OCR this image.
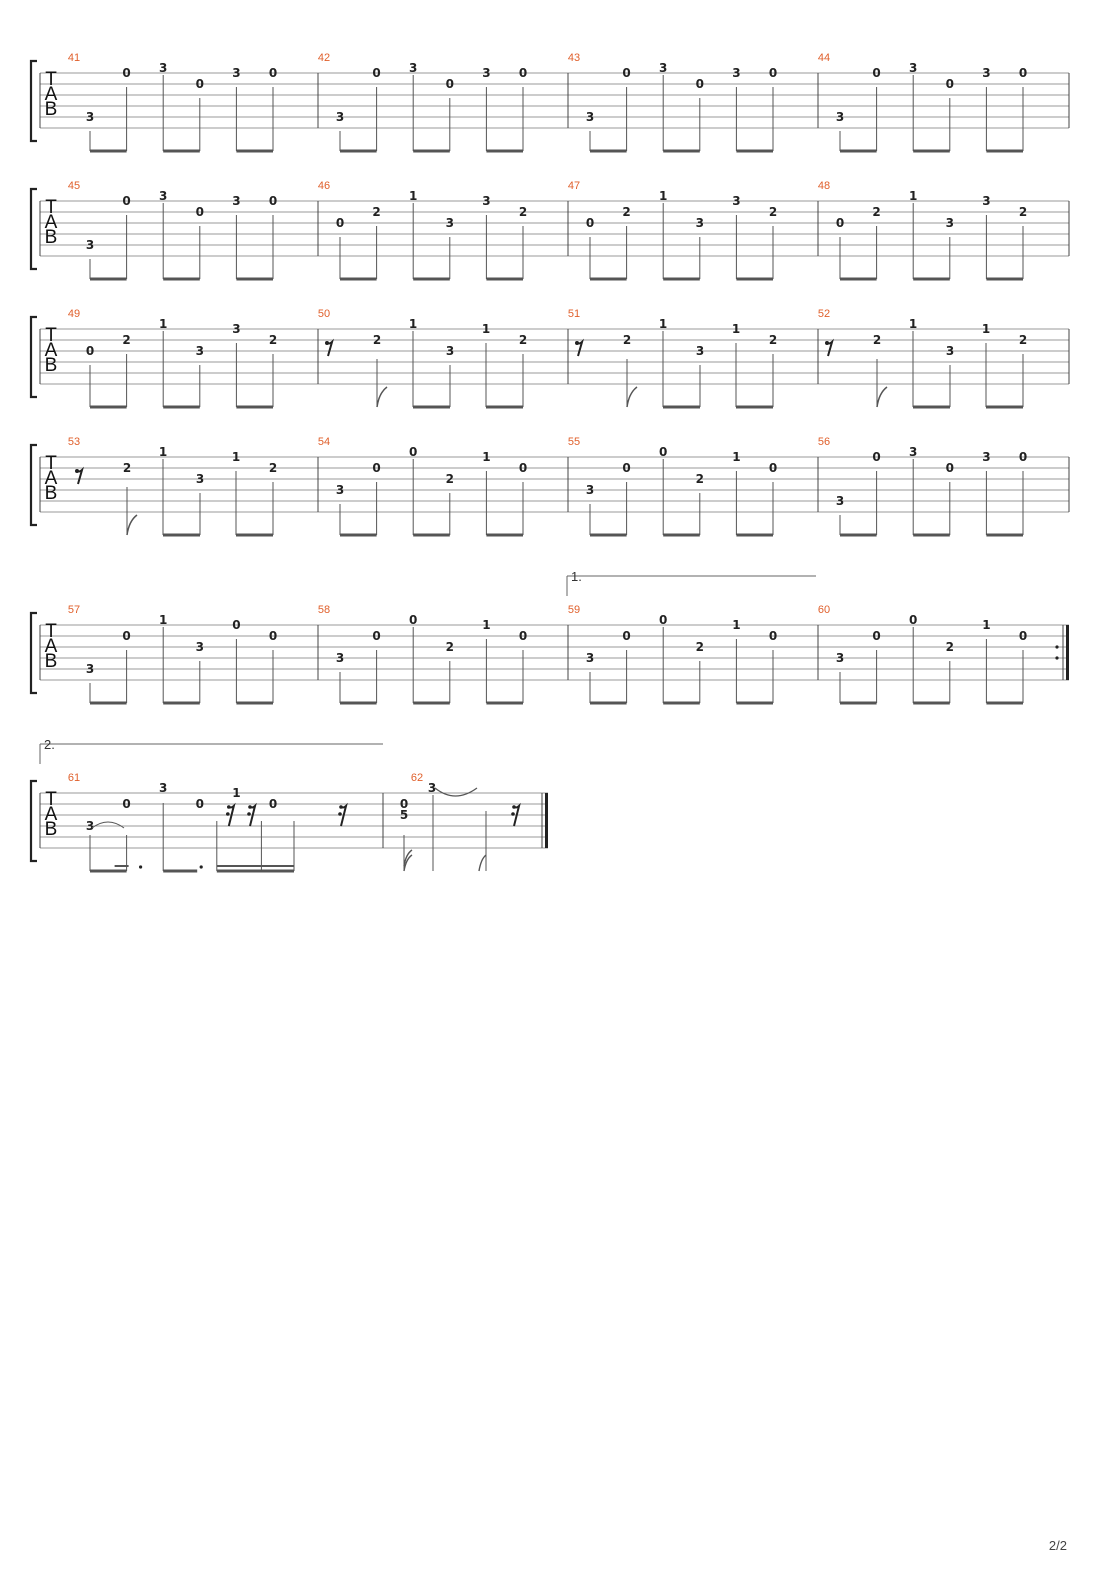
T
A
B
41
3
0 3
0
3 0
42
3
0 3
0
3 0
43
3
0 3
0
3 0
44
3
0 3
0
3 0
T
A
B
45
3
0 3
0
3 0
46
0
2
1
3
3
2
47
0
2
1
3
3
2
48
0
2
1
3
3
2
T
A
B
49
0
2
1
3
3
2
50
2
1
3
1
2
51
2
1
3
1
2
52
2
1
3
1
2
T
A
B
53
2
1
3
1
2
54
3
0
0
2
1
0
55
3
0
0
2
1
0
56
3
0 3
0
3 0
T
A
B
57
3
0
1
3
0
0
58
3
0
0
2
1
0
59
3
0
0
2
1
0
60
3
0
0
2
1
0
T
A
B
61
3
0
3
0
1
0
62
0
5
3
1.
2.
2/2
